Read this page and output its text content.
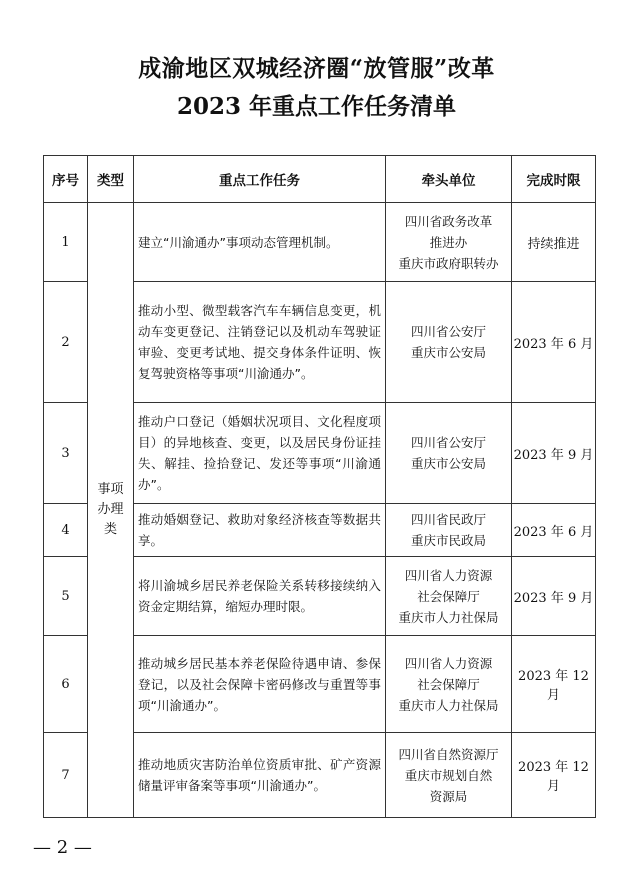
成渝地区双城经济圈“放管服”改革
2023 年重点工作任务清单
序号	类型	重点工作任务	牵头单位	完成时限
1	事项办理类	建立“川渝通办”事项动态管理机制。	四川省政务改革
推进办
重庆市政府职转办	持续推进
2		推动小型、微型载客汽车车辆信息变更，机动车变更登记、注销登记以及机动车驾驶证审验、变更考试地、提交身体条件证明、恢复驾驶资格等事项“川渝通办”。	四川省公安厅
重庆市公安局	2023 年 6 月
3		推动户口登记（婚姻状况项目、文化程度项目）的异地核查、变更，以及居民身份证挂失、解挂、捡拾登记、发还等事项“川渝通办”。	四川省公安厅
重庆市公安局	2023 年 9 月
4		推动婚姻登记、救助对象经济核查等数据共享。	四川省民政厅
重庆市民政局	2023 年 6 月
5		将川渝城乡居民养老保险关系转移接续纳入资金定期结算，缩短办理时限。	四川省人力资源
社会保障厅
重庆市人力社保局	2023 年 9 月
6		推动城乡居民基本养老保险待遇申请、参保登记，以及社会保障卡密码修改与重置等事项“川渝通办”。	四川省人力资源
社会保障厅
重庆市人力社保局	2023 年 12 月
7		推动地质灾害防治单位资质审批、矿产资源储量评审备案等事项“川渝通办”。	四川省自然资源厅
重庆市规划自然
资源局	2023 年 12 月
— 2 —
